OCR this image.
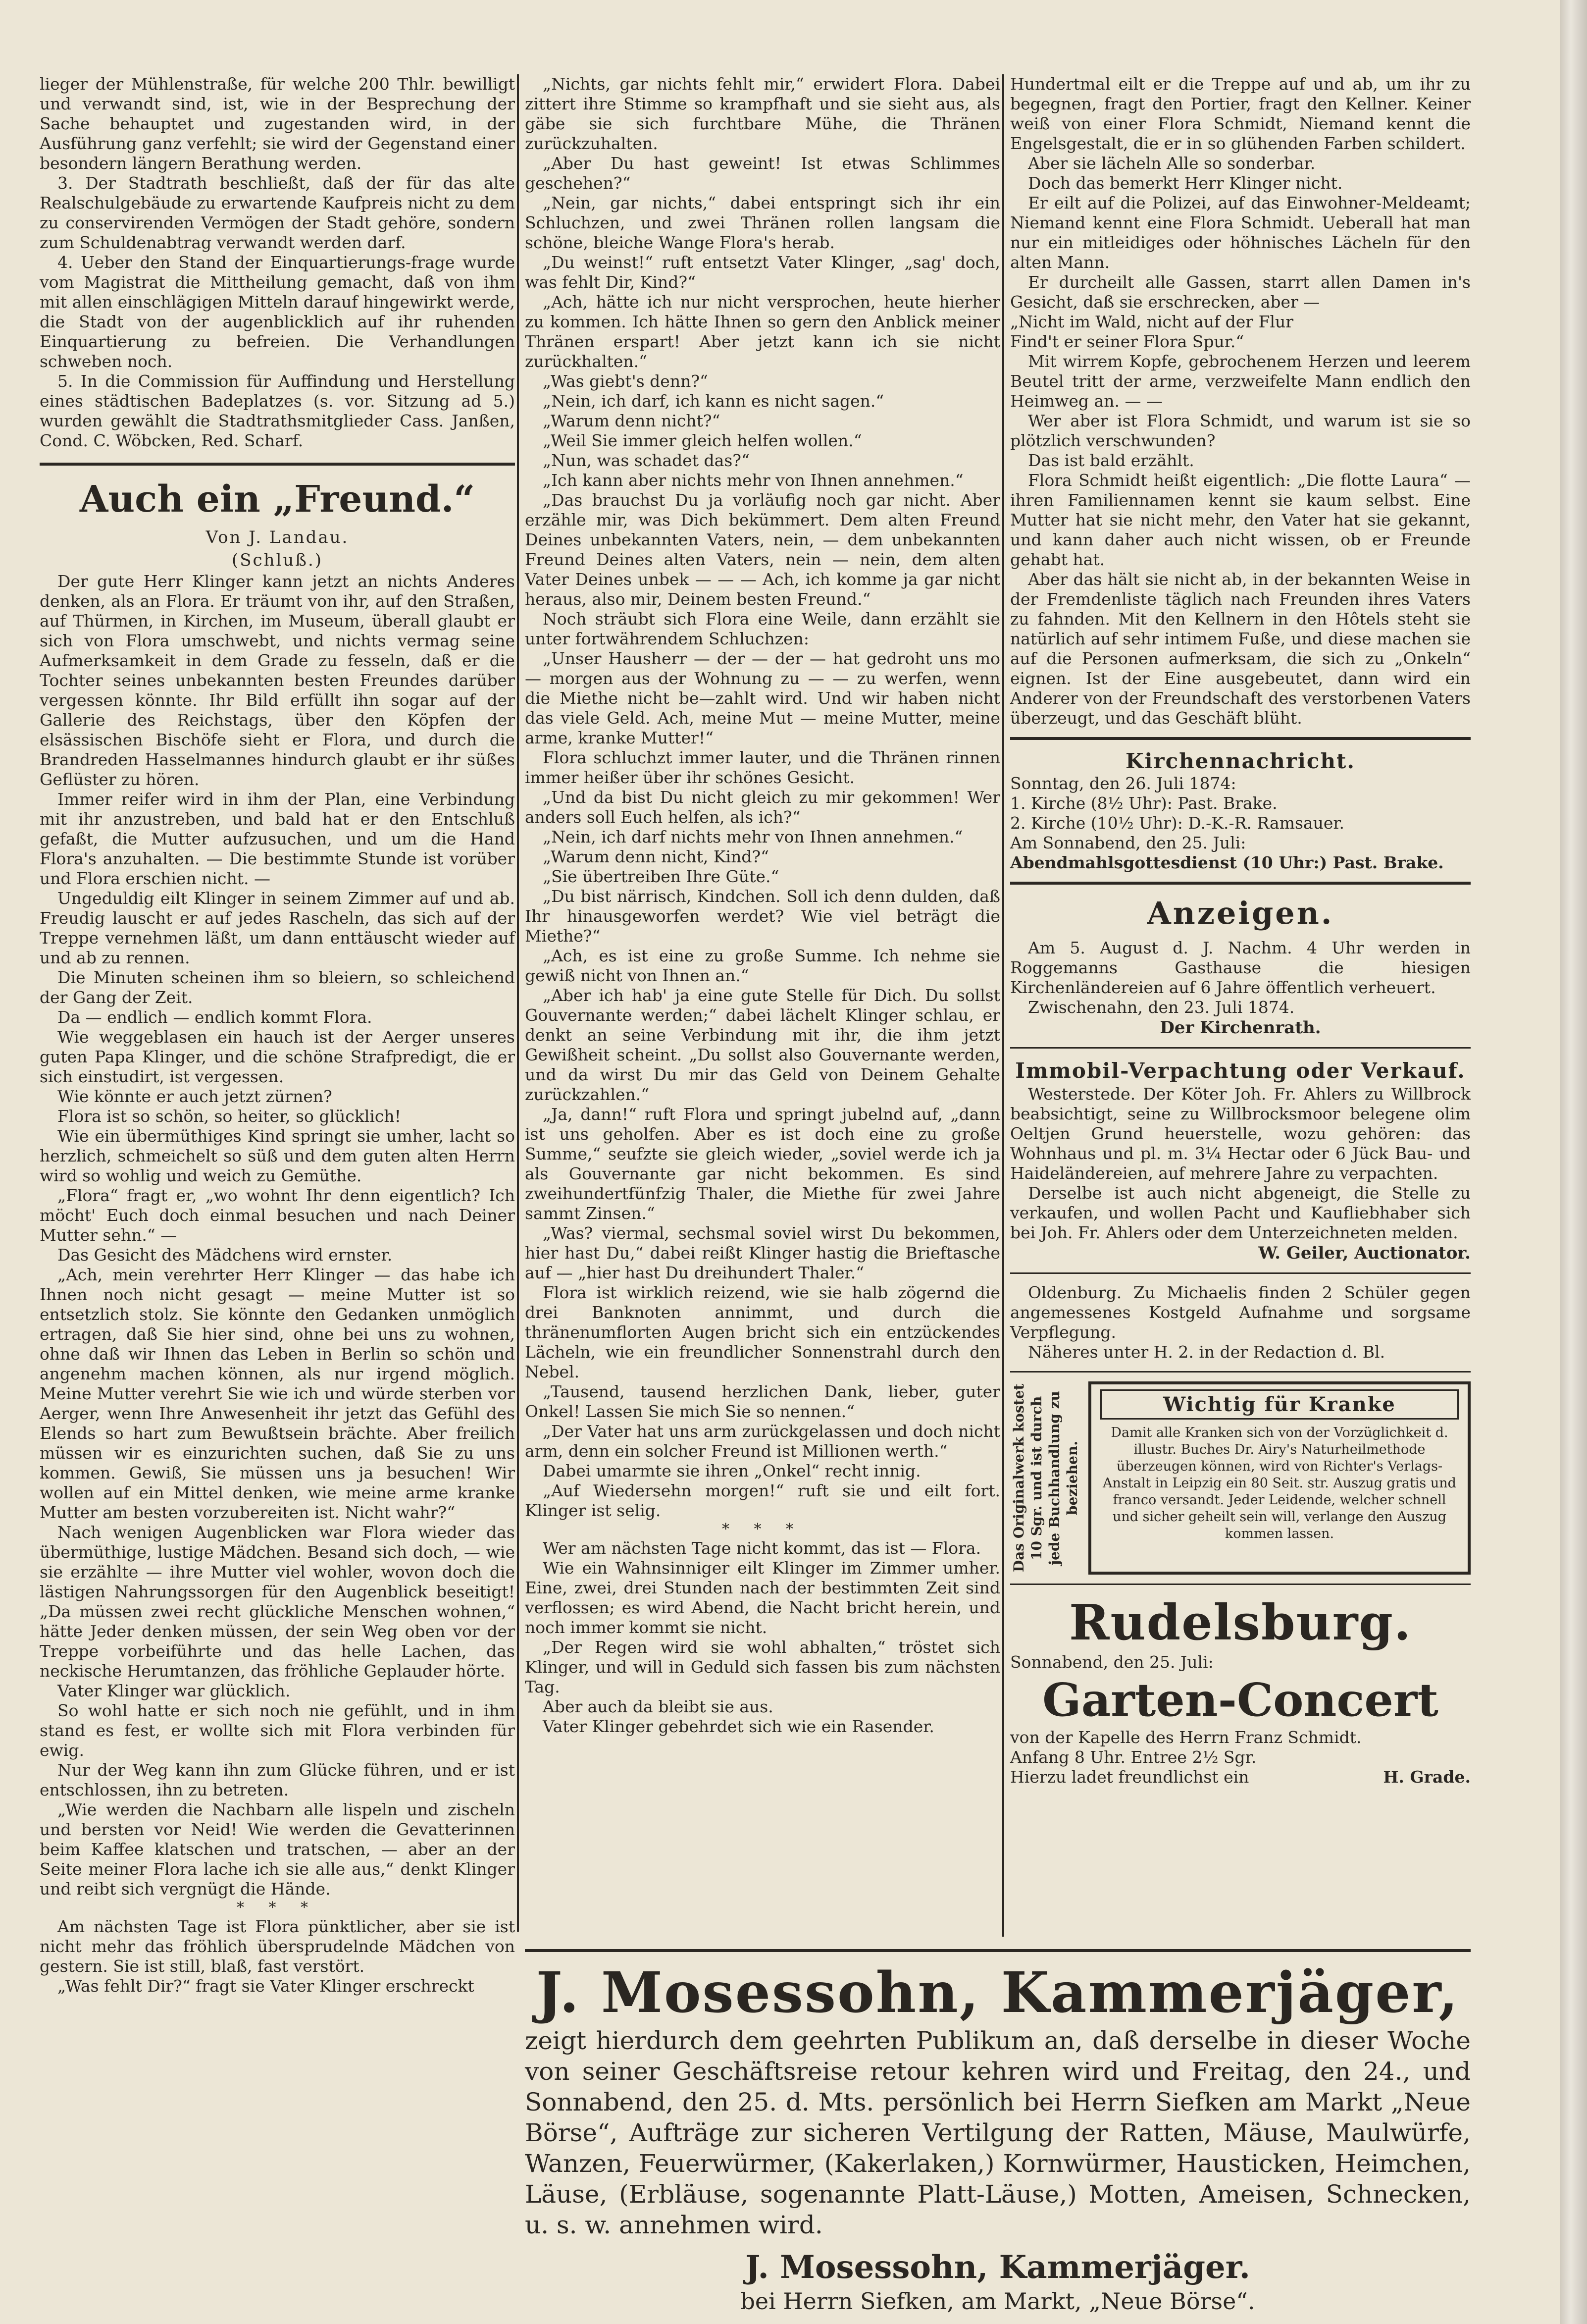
lieger der Mühlenstraße, für welche 200 Thlr. bewilligt und verwandt sind, ist, wie in der Besprechung der Sache behauptet und zugestanden wird, in der Ausführung ganz verfehlt; sie wird der Gegenstand einer besondern längern Berathung werden.

3. Der Stadtrath beschließt, daß der für das alte Realschulgebäude zu erwartende Kaufpreis nicht zu dem zu conservirenden Vermögen der Stadt gehöre, sondern zum Schuldenabtrag verwandt werden darf.

4. Ueber den Stand der Einquartierungs-frage wurde vom Magistrat die Mittheilung gemacht, daß von ihm mit allen einschlägigen Mitteln darauf hingewirkt werde, die Stadt von der augenblicklich auf ihr ruhenden Einquartierung zu befreien. Die Verhandlungen schweben noch.

5. In die Commission für Auffindung und Herstellung eines städtischen Badeplatzes (s. vor. Sitzung ad 5.) wurden gewählt die Stadtrathsmitglieder Cass. Janßen, Cond. C. Wöbcken, Red. Scharf.

Auch ein „Freund.“
Von J. Landau.
(Schluß.)

Der gute Herr Klinger kann jetzt an nichts Anderes denken, als an Flora. Er träumt von ihr, auf den Straßen, auf Thürmen, in Kirchen, im Museum, überall glaubt er sich von Flora umschwebt, und nichts vermag seine Aufmerksamkeit in dem Grade zu fesseln, daß er die Tochter seines unbekannten besten Freundes darüber vergessen könnte. Ihr Bild erfüllt ihn sogar auf der Gallerie des Reichstags, über den Köpfen der elsässischen Bischöfe sieht er Flora, und durch die Brandreden Hasselmannes hindurch glaubt er ihr süßes Geflüster zu hören.

Immer reifer wird in ihm der Plan, eine Verbindung mit ihr anzustreben, und bald hat er den Entschluß gefaßt, die Mutter aufzusuchen, und um die Hand Flora's anzuhalten. — Die bestimmte Stunde ist vorüber und Flora erschien nicht. —

Ungeduldig eilt Klinger in seinem Zimmer auf und ab. Freudig lauscht er auf jedes Rascheln, das sich auf der Treppe vernehmen läßt, um dann enttäuscht wieder auf und ab zu rennen.

Die Minuten scheinen ihm so bleiern, so schleichend der Gang der Zeit.

Da — endlich — endlich kommt Flora.

Wie weggeblasen ein hauch ist der Aerger unseres guten Papa Klinger, und die schöne Strafpredigt, die er sich einstudirt, ist vergessen.

Wie könnte er auch jetzt zürnen?

Flora ist so schön, so heiter, so glücklich!

Wie ein übermüthiges Kind springt sie umher, lacht so herzlich, schmeichelt so süß und dem guten alten Herrn wird so wohlig und weich zu Gemüthe.

„Flora“ fragt er, „wo wohnt Ihr denn eigentlich? Ich möcht' Euch doch einmal besuchen und nach Deiner Mutter sehn.“ —

Das Gesicht des Mädchens wird ernster.

„Ach, mein verehrter Herr Klinger — das habe ich Ihnen noch nicht gesagt — meine Mutter ist so entsetzlich stolz. Sie könnte den Gedanken unmöglich ertragen, daß Sie hier sind, ohne bei uns zu wohnen, ohne daß wir Ihnen das Leben in Berlin so schön und angenehm machen können, als nur irgend möglich. Meine Mutter verehrt Sie wie ich und würde sterben vor Aerger, wenn Ihre Anwesenheit ihr jetzt das Gefühl des Elends so hart zum Bewußtsein brächte. Aber freilich müssen wir es einzurichten suchen, daß Sie zu uns kommen. Gewiß, Sie müssen uns ja besuchen! Wir wollen auf ein Mittel denken, wie meine arme kranke Mutter am besten vorzubereiten ist. Nicht wahr?“

Nach wenigen Augenblicken war Flora wieder das übermüthige, lustige Mädchen. Besand sich doch, — wie sie erzählte — ihre Mutter viel wohler, wovon doch die lästigen Nahrungssorgen für den Augenblick beseitigt! „Da müssen zwei recht glückliche Menschen wohnen,“ hätte Jeder denken müssen, der sein Weg oben vor der Treppe vorbeiführte und das helle Lachen, das neckische Herumtanzen, das fröhliche Geplauder hörte.

Vater Klinger war glücklich.

So wohl hatte er sich noch nie gefühlt, und in ihm stand es fest, er wollte sich mit Flora verbinden für ewig.

Nur der Weg kann ihn zum Glücke führen, und er ist entschlossen, ihn zu betreten.

„Wie werden die Nachbarn alle lispeln und zischeln und bersten vor Neid! Wie werden die Gevatterinnen beim Kaffee klatschen und tratschen, — aber an der Seite meiner Flora lache ich sie alle aus,“ denkt Klinger und reibt sich vergnügt die Hände.

* * *

Am nächsten Tage ist Flora pünktlicher, aber sie ist nicht mehr das fröhlich übersprudelnde Mädchen von gestern. Sie ist still, blaß, fast verstört.

„Was fehlt Dir?“ fragt sie Vater Klinger erschreckt

„Nichts, gar nichts fehlt mir,“ erwidert Flora. Dabei zittert ihre Stimme so krampfhaft und sie sieht aus, als gäbe sie sich furchtbare Mühe, die Thränen zurückzuhalten.

„Aber Du hast geweint! Ist etwas Schlimmes geschehen?“

„Nein, gar nichts,“ dabei entspringt sich ihr ein Schluchzen, und zwei Thränen rollen langsam die schöne, bleiche Wange Flora's herab.

„Du weinst!“ ruft entsetzt Vater Klinger, „sag' doch, was fehlt Dir, Kind?“

„Ach, hätte ich nur nicht versprochen, heute hierher zu kommen. Ich hätte Ihnen so gern den Anblick meiner Thränen erspart! Aber jetzt kann ich sie nicht zurückhalten.“

„Was giebt's denn?“

„Nein, ich darf, ich kann es nicht sagen.“

„Warum denn nicht?“

„Weil Sie immer gleich helfen wollen.“

„Nun, was schadet das?“

„Ich kann aber nichts mehr von Ihnen annehmen.“

„Das brauchst Du ja vorläufig noch gar nicht. Aber erzähle mir, was Dich bekümmert. Dem alten Freund Deines unbekannten Vaters, nein, — dem unbekannten Freund Deines alten Vaters, nein — nein, dem alten Vater Deines unbek — — — Ach, ich komme ja gar nicht heraus, also mir, Deinem besten Freund.“

Noch sträubt sich Flora eine Weile, dann erzählt sie unter fortwährendem Schluchzen:

„Unser Hausherr — der — der — hat gedroht uns mo — morgen aus der Wohnung zu — — zu werfen, wenn die Miethe nicht be—zahlt wird. Und wir haben nicht das viele Geld. Ach, meine Mut — meine Mutter, meine arme, kranke Mutter!“

Flora schluchzt immer lauter, und die Thränen rinnen immer heißer über ihr schönes Gesicht.

„Und da bist Du nicht gleich zu mir gekommen! Wer anders soll Euch helfen, als ich?“

„Nein, ich darf nichts mehr von Ihnen annehmen.“

„Warum denn nicht, Kind?“

„Sie übertreiben Ihre Güte.“

„Du bist närrisch, Kindchen. Soll ich denn dulden, daß Ihr hinausgeworfen werdet? Wie viel beträgt die Miethe?“

„Ach, es ist eine zu große Summe. Ich nehme sie gewiß nicht von Ihnen an.“

„Aber ich hab' ja eine gute Stelle für Dich. Du sollst Gouvernante werden;“ dabei lächelt Klinger schlau, er denkt an seine Verbindung mit ihr, die ihm jetzt Gewißheit scheint. „Du sollst also Gouvernante werden, und da wirst Du mir das Geld von Deinem Gehalte zurückzahlen.“

„Ja, dann!“ ruft Flora und springt jubelnd auf, „dann ist uns geholfen. Aber es ist doch eine zu große Summe,“ seufzte sie gleich wieder, „soviel werde ich ja als Gouvernante gar nicht bekommen. Es sind zweihundertfünfzig Thaler, die Miethe für zwei Jahre sammt Zinsen.“

„Was? viermal, sechsmal soviel wirst Du bekommen, hier hast Du,“ dabei reißt Klinger hastig die Brieftasche auf — „hier hast Du dreihundert Thaler.“

Flora ist wirklich reizend, wie sie halb zögernd die drei Banknoten annimmt, und durch die thränenumflorten Augen bricht sich ein entzückendes Lächeln, wie ein freundlicher Sonnenstrahl durch den Nebel.

„Tausend, tausend herzlichen Dank, lieber, guter Onkel! Lassen Sie mich Sie so nennen.“

„Der Vater hat uns arm zurückgelassen und doch nicht arm, denn ein solcher Freund ist Millionen werth.“

Dabei umarmte sie ihren „Onkel“ recht innig.

„Auf Wiedersehn morgen!“ ruft sie und eilt fort. Klinger ist selig.

* * *

Wer am nächsten Tage nicht kommt, das ist — Flora.

Wie ein Wahnsinniger eilt Klinger im Zimmer umher. Eine, zwei, drei Stunden nach der bestimmten Zeit sind verflossen; es wird Abend, die Nacht bricht herein, und noch immer kommt sie nicht.

„Der Regen wird sie wohl abhalten,“ tröstet sich Klinger, und will in Geduld sich fassen bis zum nächsten Tag.

Aber auch da bleibt sie aus.

Vater Klinger gebehrdet sich wie ein Rasender.

Hundertmal eilt er die Treppe auf und ab, um ihr zu begegnen, fragt den Portier, fragt den Kellner. Keiner weiß von einer Flora Schmidt, Niemand kennt die Engelsgestalt, die er in so glühenden Farben schildert.

Aber sie lächeln Alle so sonderbar.

Doch das bemerkt Herr Klinger nicht.

Er eilt auf die Polizei, auf das Einwohner-Meldeamt; Niemand kennt eine Flora Schmidt. Ueberall hat man nur ein mitleidiges oder höhnisches Lächeln für den alten Mann.

Er durcheilt alle Gassen, starrt allen Damen in's Gesicht, daß sie erschrecken, aber —

„Nicht im Wald, nicht auf der Flur

Find't er seiner Flora Spur.“

Mit wirrem Kopfe, gebrochenem Herzen und leerem Beutel tritt der arme, verzweifelte Mann endlich den Heimweg an. — —

Wer aber ist Flora Schmidt, und warum ist sie so plötzlich verschwunden?

Das ist bald erzählt.

Flora Schmidt heißt eigentlich: „Die flotte Laura“ — ihren Familiennamen kennt sie kaum selbst. Eine Mutter hat sie nicht mehr, den Vater hat sie gekannt, und kann daher auch nicht wissen, ob er Freunde gehabt hat.

Aber das hält sie nicht ab, in der bekannten Weise in der Fremdenliste täglich nach Freunden ihres Vaters zu fahnden. Mit den Kellnern in den Hôtels steht sie natürlich auf sehr intimem Fuße, und diese machen sie auf die Personen aufmerksam, die sich zu „Onkeln“ eignen. Ist der Eine ausgebeutet, dann wird ein Anderer von der Freundschaft des verstorbenen Vaters überzeugt, und das Geschäft blüht.

Kirchennachricht.

Sonntag, den 26. Juli 1874:

1. Kirche (8½ Uhr): Past. Brake.

2. Kirche (10½ Uhr): D.-K.-R. Ramsauer.

Am Sonnabend, den 25. Juli:

Abendmahlsgottesdienst (10 Uhr:) Past. Brake.

Anzeigen.

Am 5. August d. J. Nachm. 4 Uhr werden in Roggemanns Gasthause die hiesigen Kirchenländereien auf 6 Jahre öffentlich verheuert.

Zwischenahn, den 23. Juli 1874.

Der Kirchenrath.
Immobil-Verpachtung oder Verkauf.

Westerstede. Der Köter Joh. Fr. Ahlers zu Willbrock beabsichtigt, seine zu Willbrocksmoor belegene olim Oeltjen Grund heuerstelle, wozu gehören: das Wohnhaus und pl. m. 3¼ Hectar oder 6 Jück Bau- und Haideländereien, auf mehrere Jahre zu verpachten.

Derselbe ist auch nicht abgeneigt, die Stelle zu verkaufen, und wollen Pacht und Kaufliebhaber sich bei Joh. Fr. Ahlers oder dem Unterzeichneten melden.

W. Geiler, Auctionator.

Oldenburg. Zu Michaelis finden 2 Schüler gegen angemessenes Kostgeld Aufnahme und sorgsame Verpflegung.

Näheres unter H. 2. in der Redaction d. Bl.

Das Originalwerk kostet 10 Sgr. und ist durch jede Buchhandlung zu beziehen.
Wichtig für Kranke
Damit alle Kranken sich von der Vorzüglichkeit d. illustr. Buches Dr. Airy's Naturheilmethode überzeugen können, wird von Richter's Verlags-Anstalt in Leipzig ein 80 Seit. str. Auszug gratis und franco versandt. Jeder Leidende, welcher schnell und sicher geheilt sein will, verlange den Auszug kommen lassen.
Rudelsburg.

Sonnabend, den 25. Juli:

Garten-Concert

von der Kapelle des Herrn Franz Schmidt.

Anfang 8 Uhr. Entree 2½ Sgr.

Hierzu ladet freundlichst ein	H. Grade.
J. Mosessohn, Kammerjäger,
zeigt hierdurch dem geehrten Publikum an, daß derselbe in dieser Woche von seiner Geschäftsreise retour kehren wird und Freitag, den 24., und Sonnabend, den 25. d. Mts. persönlich bei Herrn Siefken am Markt „Neue Börse“, Aufträge zur sicheren Vertilgung der Ratten, Mäuse, Maulwürfe, Wanzen, Feuerwürmer, (Kakerlaken,) Kornwürmer, Hausticken, Heimchen, Läuse, (Erbläuse, sogenannte Platt-Läuse,) Motten, Ameisen, Schnecken, u. s. w. annehmen wird.
J. Mosessohn, Kammerjäger.
bei Herrn Siefken, am Markt, „Neue Börse“.
